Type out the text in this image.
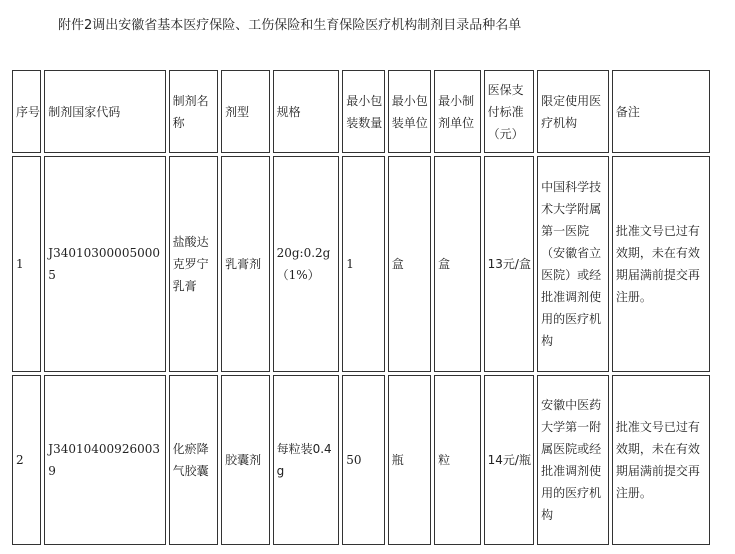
附件2调出安徽省基本医疗保险、工伤保险和生育保险医疗机构制剂目录品种名单
序号	制剂国家代码	制剂名称	剂型	规格	最小包装数量	最小包装单位	最小制剂单位	医保支付标准（元）	限定使用医疗机构	备注
1	J340103000050005	盐酸达克罗宁乳膏	乳膏剂	20g:0.2g（1%）	1	盒	盒	13元/盒	中国科学技术大学附属第一医院（安徽省立医院）或经批准调剂使用的医疗机构	批准文号已过有效期，未在有效期届满前提交再注册。
2	J340104009260039	化瘀降气胶囊	胶囊剂	每粒装0.4g	50	瓶	粒	14元/瓶	安徽中医药大学第一附属医院或经批准调剂使用的医疗机构	批准文号已过有效期，未在有效期届满前提交再注册。
